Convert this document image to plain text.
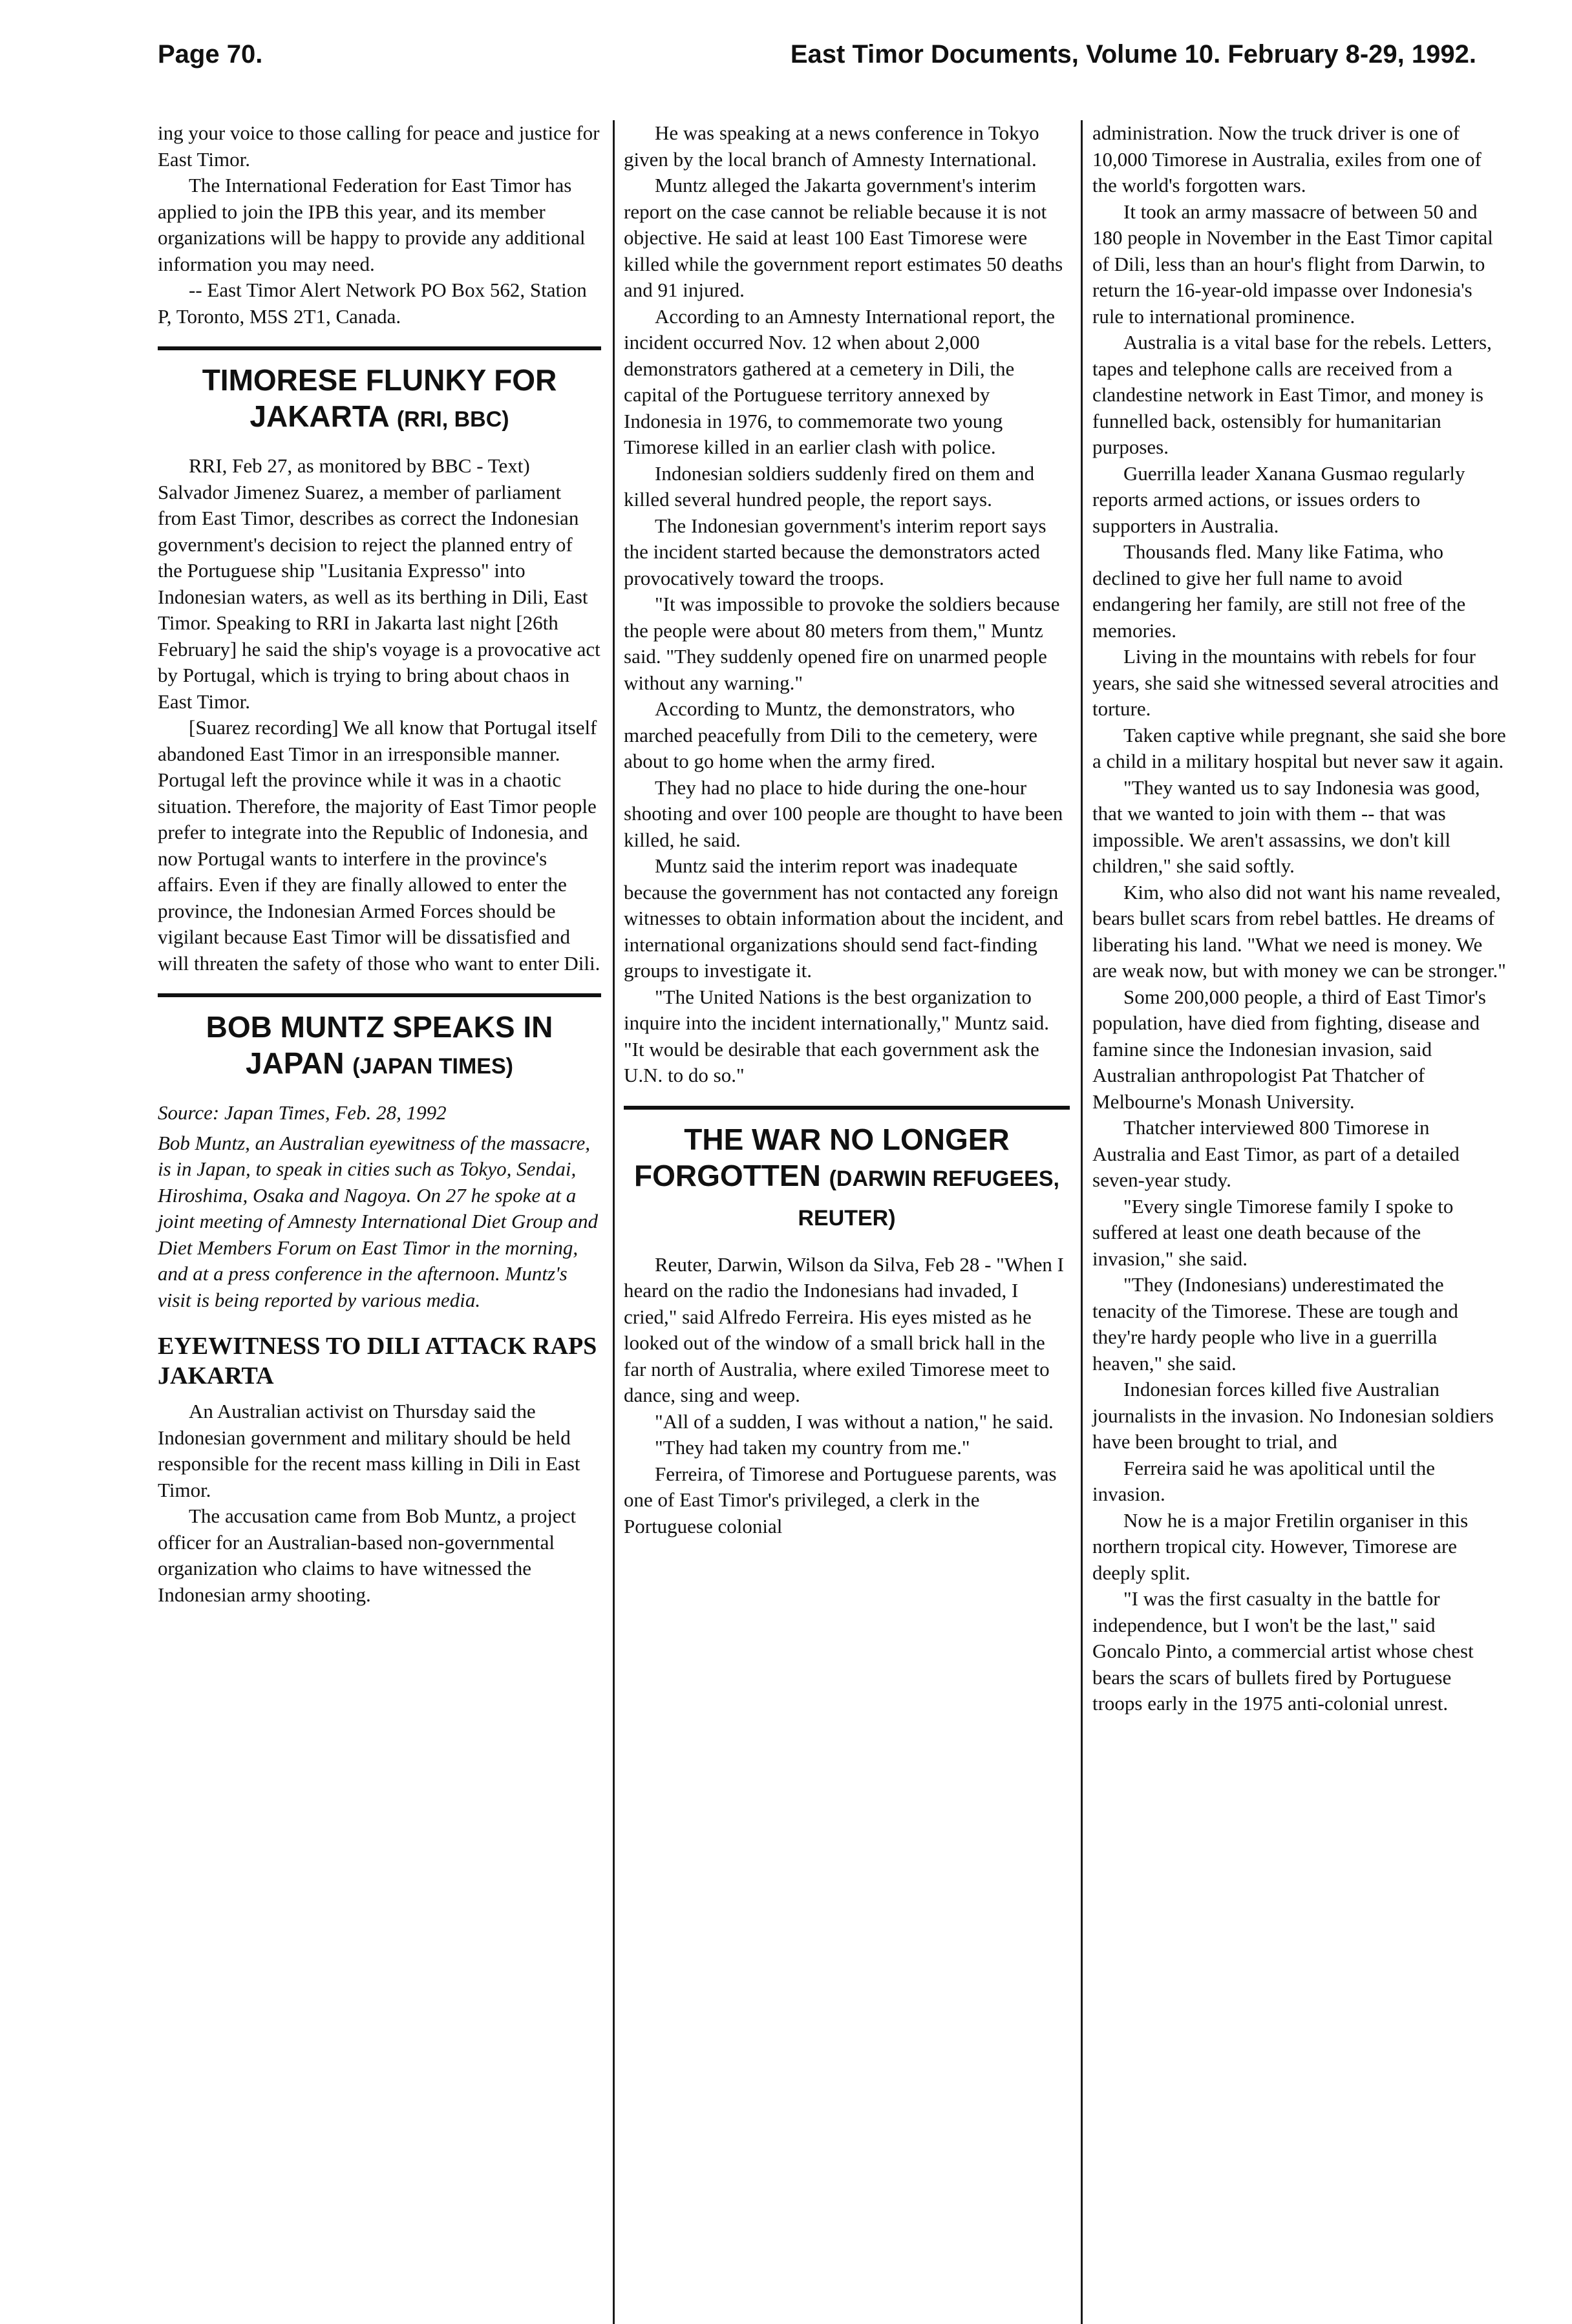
Page 70.	East Timor Documents, Volume 10. February 8-29, 1992.

ing your voice to those calling for peace and justice for East Timor.

The International Federation for East Timor has applied to join the IPB this year, and its member organizations will be happy to provide any additional information you may need.

-- East Timor Alert Network PO Box 562, Station P, Toronto, M5S 2T1, Canada.

TIMORESE FLUNKY FOR JAKARTA (RRI, BBC)

RRI, Feb 27, as monitored by BBC - Text) Salvador Jimenez Suarez, a member of parliament from East Timor, describes as correct the Indonesian government's decision to reject the planned entry of the Portuguese ship "Lusitania Expresso" into Indonesian waters, as well as its berthing in Dili, East Timor. Speaking to RRI in Jakarta last night [26th February] he said the ship's voyage is a provocative act by Portugal, which is trying to bring about chaos in East Timor.

[Suarez recording] We all know that Portugal itself abandoned East Timor in an irresponsible manner. Portugal left the province while it was in a chaotic situation. Therefore, the majority of East Timor people prefer to integrate into the Republic of Indonesia, and now Portugal wants to interfere in the province's affairs. Even if they are finally allowed to enter the province, the Indonesian Armed Forces should be vigilant because East Timor will be dissatisfied and will threaten the safety of those who want to enter Dili.

BOB MUNTZ SPEAKS IN JAPAN (JAPAN TIMES)

Source: Japan Times, Feb. 28, 1992

Bob Muntz, an Australian eyewitness of the massacre, is in Japan, to speak in cities such as Tokyo, Sendai, Hiroshima, Osaka and Nagoya. On 27 he spoke at a joint meeting of Amnesty International Diet Group and Diet Members Forum on East Timor in the morning, and at a press conference in the afternoon. Muntz's visit is being reported by various media.

EYEWITNESS TO DILI ATTACK RAPS JAKARTA

An Australian activist on Thursday said the Indonesian government and military should be held responsible for the recent mass killing in Dili in East Timor.

The accusation came from Bob Muntz, a project officer for an Australian-based non-governmental organization who claims to have witnessed the Indonesian army shooting.

He was speaking at a news conference in Tokyo given by the local branch of Amnesty International.

Muntz alleged the Jakarta government's interim report on the case cannot be reliable because it is not objective. He said at least 100 East Timorese were killed while the government report estimates 50 deaths and 91 injured.

According to an Amnesty International report, the incident occurred Nov. 12 when about 2,000 demonstrators gathered at a cemetery in Dili, the capital of the Portuguese territory annexed by Indonesia in 1976, to commemorate two young Timorese killed in an earlier clash with police.

Indonesian soldiers suddenly fired on them and killed several hundred people, the report says.

The Indonesian government's interim report says the incident started because the demonstrators acted provocatively toward the troops.

"It was impossible to provoke the soldiers because the people were about 80 meters from them," Muntz said. "They suddenly opened fire on unarmed people without any warning."

According to Muntz, the demonstrators, who marched peacefully from Dili to the cemetery, were about to go home when the army fired.

They had no place to hide during the one-hour shooting and over 100 people are thought to have been killed, he said.

Muntz said the interim report was inadequate because the government has not contacted any foreign witnesses to obtain information about the incident, and international organizations should send fact-finding groups to investigate it.

"The United Nations is the best organization to inquire into the incident internationally," Muntz said. "It would be desirable that each government ask the U.N. to do so."

THE WAR NO LONGER FORGOTTEN (DARWIN REFUGEES, REUTER)

Reuter, Darwin, Wilson da Silva, Feb 28 - "When I heard on the radio the Indonesians had invaded, I cried," said Alfredo Ferreira. His eyes misted as he looked out of the window of a small brick hall in the far north of Australia, where exiled Timorese meet to dance, sing and weep.

"All of a sudden, I was without a nation," he said.

"They had taken my country from me."

Ferreira, of Timorese and Portuguese parents, was one of East Timor's privileged, a clerk in the Portuguese colonial

administration. Now the truck driver is one of 10,000 Timorese in Australia, exiles from one of the world's forgotten wars.

It took an army massacre of between 50 and 180 people in November in the East Timor capital of Dili, less than an hour's flight from Darwin, to return the 16-year-old impasse over Indonesia's rule to international prominence.

Australia is a vital base for the rebels. Letters, tapes and telephone calls are received from a clandestine network in East Timor, and money is funnelled back, ostensibly for humanitarian purposes.

Guerrilla leader Xanana Gusmao regularly reports armed actions, or issues orders to supporters in Australia.

Thousands fled. Many like Fatima, who declined to give her full name to avoid endangering her family, are still not free of the memories.

Living in the mountains with rebels for four years, she said she witnessed several atrocities and torture.

Taken captive while pregnant, she said she bore a child in a military hospital but never saw it again.

"They wanted us to say Indonesia was good, that we wanted to join with them -- that was impossible. We aren't assassins, we don't kill children," she said softly.

Kim, who also did not want his name revealed, bears bullet scars from rebel battles. He dreams of liberating his land. "What we need is money. We are weak now, but with money we can be stronger."

Some 200,000 people, a third of East Timor's population, have died from fighting, disease and famine since the Indonesian invasion, said Australian anthropologist Pat Thatcher of Melbourne's Monash University.

Thatcher interviewed 800 Timorese in Australia and East Timor, as part of a detailed seven-year study.

"Every single Timorese family I spoke to suffered at least one death because of the invasion," she said.

"They (Indonesians) underestimated the tenacity of the Timorese. These are tough and they're hardy people who live in a guerrilla heaven," she said.

Indonesian forces killed five Australian journalists in the invasion. No Indonesian soldiers have been brought to trial, and

Ferreira said he was apolitical until the invasion.

Now he is a major Fretilin organiser in this northern tropical city. However, Timorese are deeply split.

"I was the first casualty in the battle for independence, but I won't be the last," said Goncalo Pinto, a commercial artist whose chest bears the scars of bullets fired by Portuguese troops early in the 1975 anti-colonial unrest.
